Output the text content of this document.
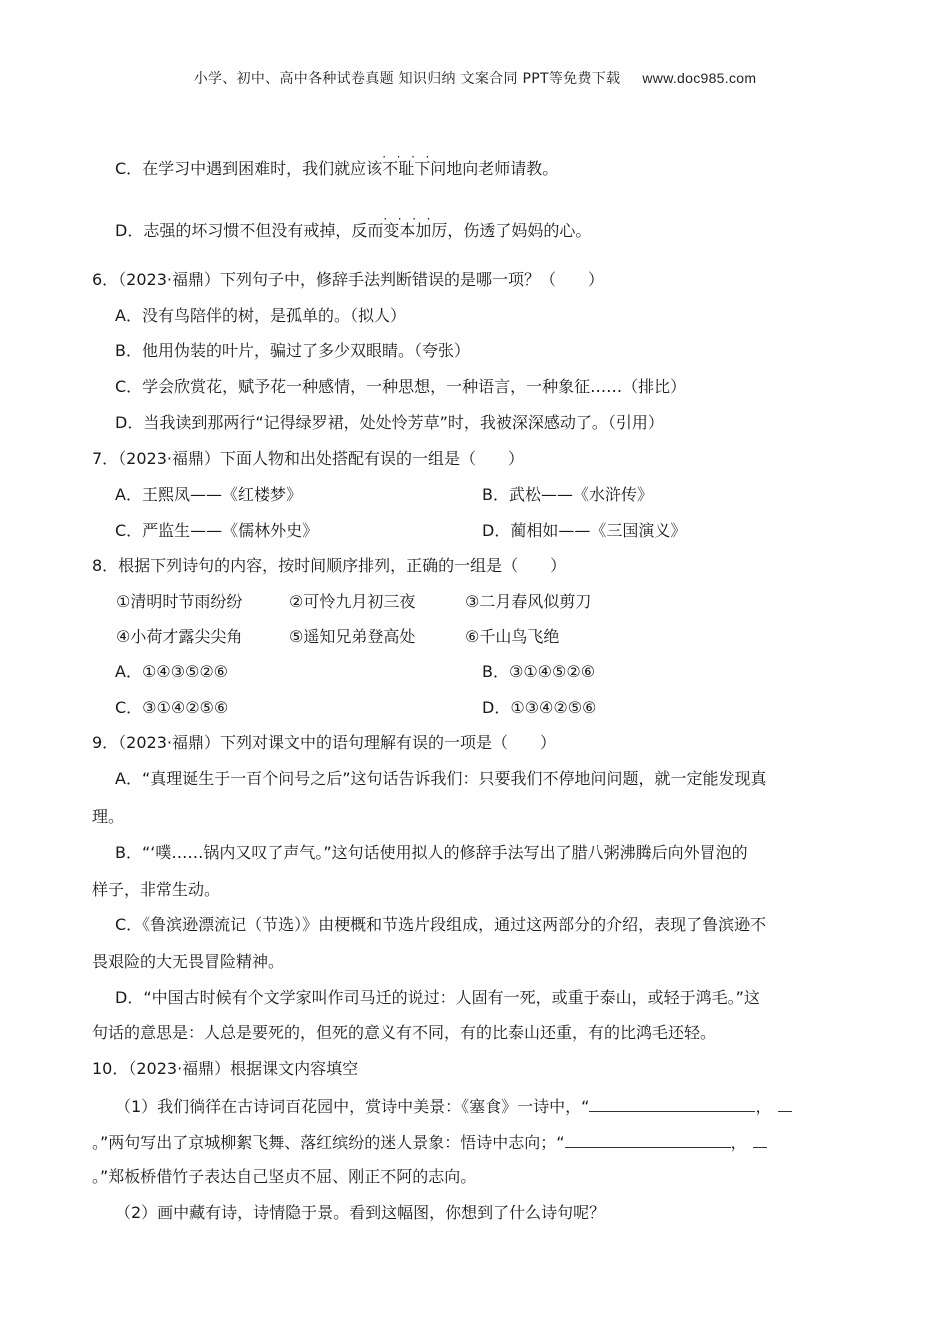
小学、初中、高中各种试卷真题 知识归纳 文案合同 PPT等免费下载 www.doc985.com
C．在学习中遇到困难时，我们就应该· · 不耻下问地向老师请教。
D．志强的坏习惯不但没有戒掉，反而· · 变本加厉，伤透了妈妈的心。
6．（2023·福鼎）下列句子中，修辞手法判断错误的是哪一项？（　　）
A．没有鸟陪伴的树，是孤单的。（拟人）
B．他用伪装的叶片，骗过了多少双眼睛。（夸张）
C．学会欣赏花，赋予花一种感情，一种思想，一种语言，一种象征……（排比）
D．当我读到那两行“记得绿罗裙，处处怜芳草”时，我被深深感动了。（引用）
7．（2023·福鼎）下面人物和出处搭配有误的一组是（　　）
A．王熙凤——《红楼梦》	B．武松——《水浒传》
C．严监生——《儒林外史》	D．蔺相如——《三国演义》
8．根据下列诗句的内容，按时间顺序排列，正确的一组是（　　）
①清明时节雨纷纷	②可怜九月初三夜	③二月春风似剪刀
④小荷才露尖尖角	⑤遥知兄弟登高处	⑥千山鸟飞绝
A．①④③⑤②⑥	B．③①④⑤②⑥
C．③①④②⑤⑥	D．①③④②⑤⑥
9．（2023·福鼎）下列对课文中的语句理解有误的一项是（　　）
A．“真理诞生于一百个问号之后”这句话告诉我们：只要我们不停地问问题，就一定能发现真
理。
B．“‘噗……锅内又叹了声气。”这句话使用拟人的修辞手法写出了腊八粥沸腾后向外冒泡的
样子，非常生动。
C．《鲁滨逊漂流记（节选）》由梗概和节选片段组成，通过这两部分的介绍，表现了鲁滨逊不
畏艰险的大无畏冒险精神。
D．“中国古时候有个文学家叫作司马迁的说过：人固有一死，或重于泰山，或轻于鸿毛。”这
句话的意思是：人总是要死的，但死的意义有不同，有的比泰山还重，有的比鸿毛还轻。
10．（2023·福鼎）根据课文内容填空
（1）我们徜徉在古诗词百花园中，赏诗中美景：《塞食》一诗中，“	，
。”两句写出了京城柳絮飞舞、落红缤纷的迷人景象：悟诗中志向；“	，
。”郑板桥借竹子表达自己坚贞不屈、刚正不阿的志向。
（2）画中藏有诗，诗情隐于景。看到这幅图，你想到了什么诗句呢？
